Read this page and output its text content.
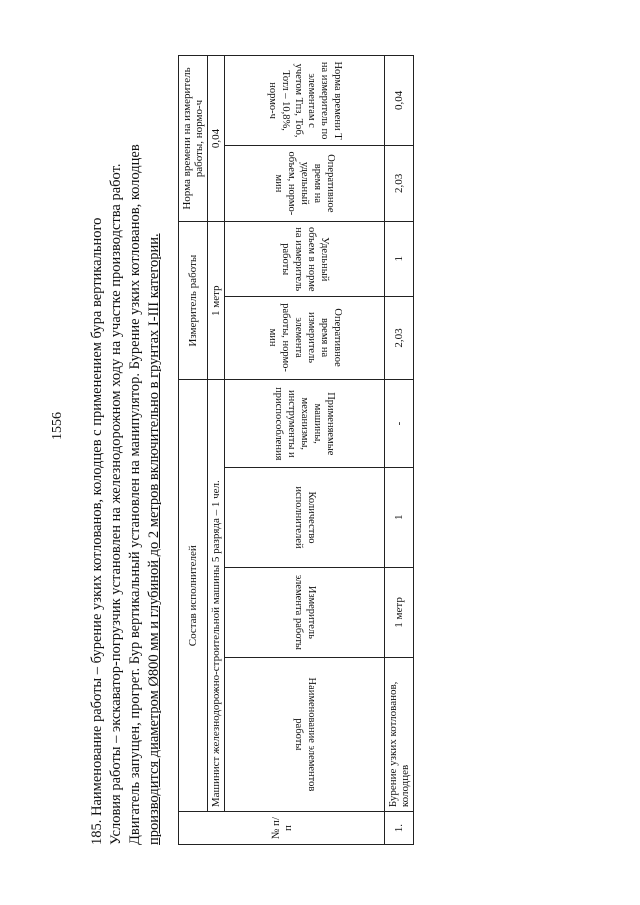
1556 185. Наименование работы – бурение узких котлованов, колодцев с применением бура вертикального Условия работы – экскаватор-погрузчик установлен на железнодорожном ходу на участке производства работ. Двигатель запущен, прогрет. Бур вертикальный установлен на манипулятор. Бурение узких котлованов, колодцев производится диаметром Ø800 мм и глубиной до 2 метров включительно в грунтах I-III категории.	№ п/п	Состав исполнителей				Измеритель работы		Норма времени на измеритель работы, нормо-ч	
	Машинист железнодорожно-строительной машины 5 разряда – 1 чел.				1 метр		0,04	
	Наименование элементов работы	Измеритель элемента работы	Количество исполнителей	Применяемые машины, механизмы, инструменты и приспособления	Оперативное время на измеритель элемента работы, нормо-мин	Удельный объем в норме на измеритель работы	Оперативное время на удельный объем, нормо-мин	Норма времени Т на измеритель по элементам с учетом Тпз, Тоб, Тотл – 10,8%, нормо-ч
1.	Бурение узких котлованов, колодцев	1 метр	1	-	2,03	1	2,03	0,04
